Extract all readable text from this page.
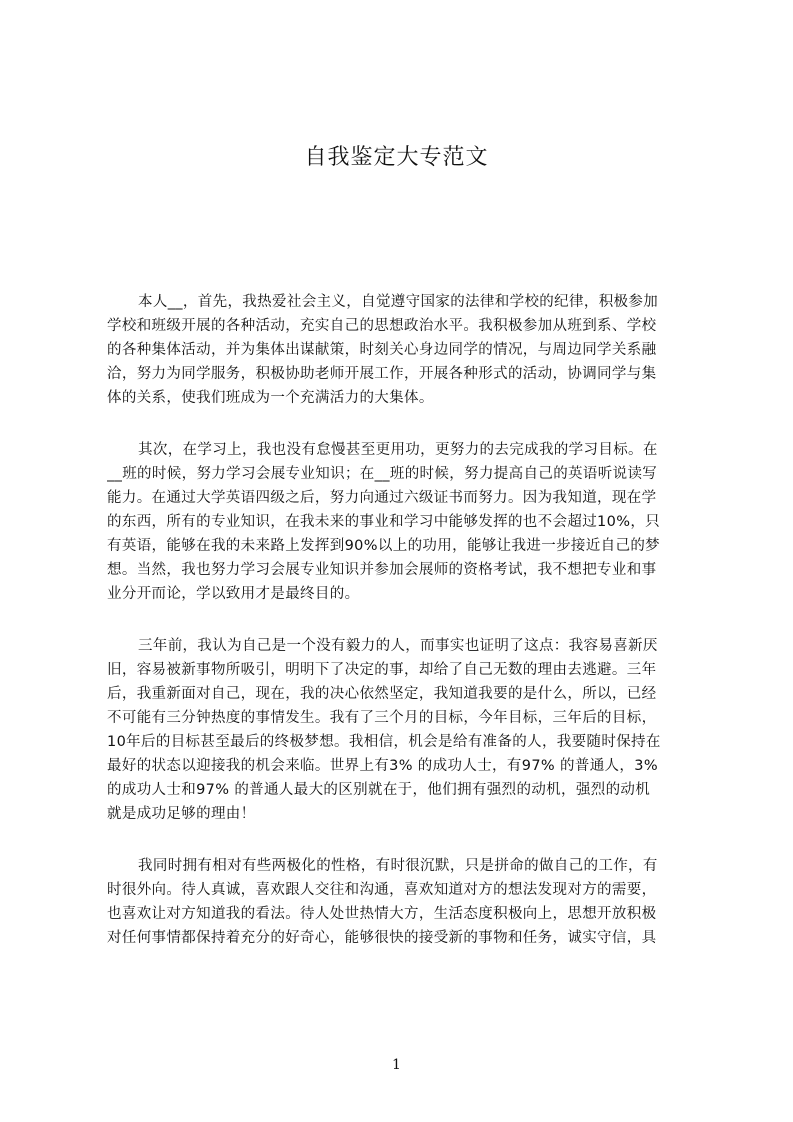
自我鉴定大专范文
本人__，首先，我热爱社会主义，自觉遵守国家的法律和学校的纪律，积极参加
学校和班级开展的各种活动，充实自己的思想政治水平。我积极参加从班到系、学校
的各种集体活动，并为集体出谋献策，时刻关心身边同学的情况，与周边同学关系融
洽，努力为同学服务，积极协助老师开展工作，开展各种形式的活动，协调同学与集
体的关系，使我们班成为一个充满活力的大集体。
其次，在学习上，我也没有怠慢甚至更用功，更努力的去完成我的学习目标。在
__班的时候，努力学习会展专业知识；在__班的时候，努力提高自己的英语听说读写
能力。在通过大学英语四级之后，努力向通过六级证书而努力。因为我知道，现在学
的东西，所有的专业知识，在我未来的事业和学习中能够发挥的也不会超过10%，只
有英语，能够在我的未来路上发挥到90%以上的功用，能够让我进一步接近自己的梦
想。当然，我也努力学习会展专业知识并参加会展师的资格考试，我不想把专业和事
业分开而论，学以致用才是最终目的。
三年前，我认为自己是一个没有毅力的人，而事实也证明了这点：我容易喜新厌
旧，容易被新事物所吸引，明明下了决定的事，却给了自己无数的理由去逃避。三年
后，我重新面对自己，现在，我的决心依然坚定，我知道我要的是什么，所以，已经
不可能有三分钟热度的事情发生。我有了三个月的目标，今年目标，三年后的目标，
10年后的目标甚至最后的终极梦想。我相信，机会是给有准备的人，我要随时保持在
最好的状态以迎接我的机会来临。世界上有3% 的成功人士，有97% 的普通人，3%
的成功人士和97% 的普通人最大的区别就在于，他们拥有强烈的动机，强烈的动机
就是成功足够的理由！
我同时拥有相对有些两极化的性格，有时很沉默，只是拼命的做自己的工作，有
时很外向。待人真诚，喜欢跟人交往和沟通，喜欢知道对方的想法发现对方的需要，
也喜欢让对方知道我的看法。待人处世热情大方，生活态度积极向上，思想开放积极
对任何事情都保持着充分的好奇心，能够很快的接受新的事物和任务，诚实守信，具
1
